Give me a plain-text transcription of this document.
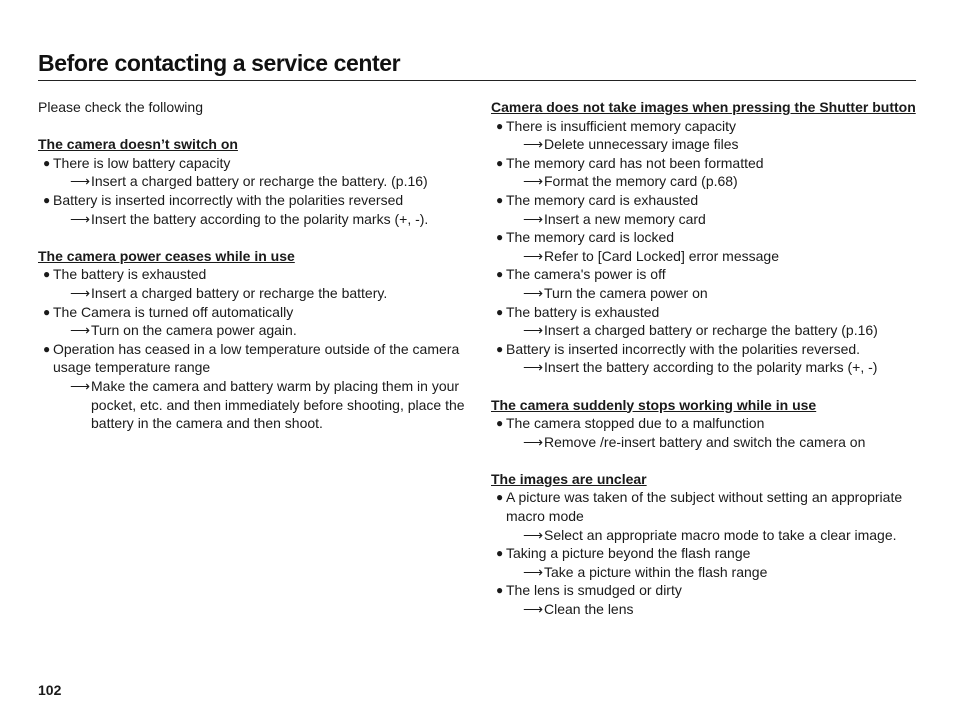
Before contacting a service center

Please check the following

The camera doesn’t switch on

● There is low battery capacity

⟶ Insert a charged battery or recharge the battery. (p.16)

● Battery is inserted incorrectly with the polarities reversed

⟶ Insert the battery according to the polarity marks (+, -).

The camera power ceases while in use

● The battery is exhausted

⟶ Insert a charged battery or recharge the battery.

● The Camera is turned off automatically

⟶ Turn on the camera power again.

● Operation has ceased in a low temperature outside of the camera usage temperature range

⟶ Make the camera and battery warm by placing them in your pocket, etc. and then immediately before shooting, place the battery in the camera and then shoot.

Camera does not take images when pressing the Shutter button

● There is insufficient memory capacity

⟶ Delete unnecessary image files

● The memory card has not been formatted

⟶ Format the memory card (p.68)

● The memory card is exhausted

⟶ Insert a new memory card

● The memory card is locked

⟶ Refer to [Card Locked] error message

● The camera's power is off

⟶ Turn the camera power on

● The battery is exhausted

⟶ Insert a charged battery or recharge the battery (p.16)

● Battery is inserted incorrectly with the polarities reversed.

⟶ Insert the battery according to the polarity marks (+, -)

The camera suddenly stops working while in use

● The camera stopped due to a malfunction

⟶ Remove /re-insert battery and switch the camera on

The images are unclear

● A picture was taken of the subject without setting an appropriate macro mode

⟶ Select an appropriate macro mode to take a clear image.

● Taking a picture beyond the flash range

⟶ Take a picture within the flash range

● The lens is smudged or dirty

⟶ Clean the lens

102
